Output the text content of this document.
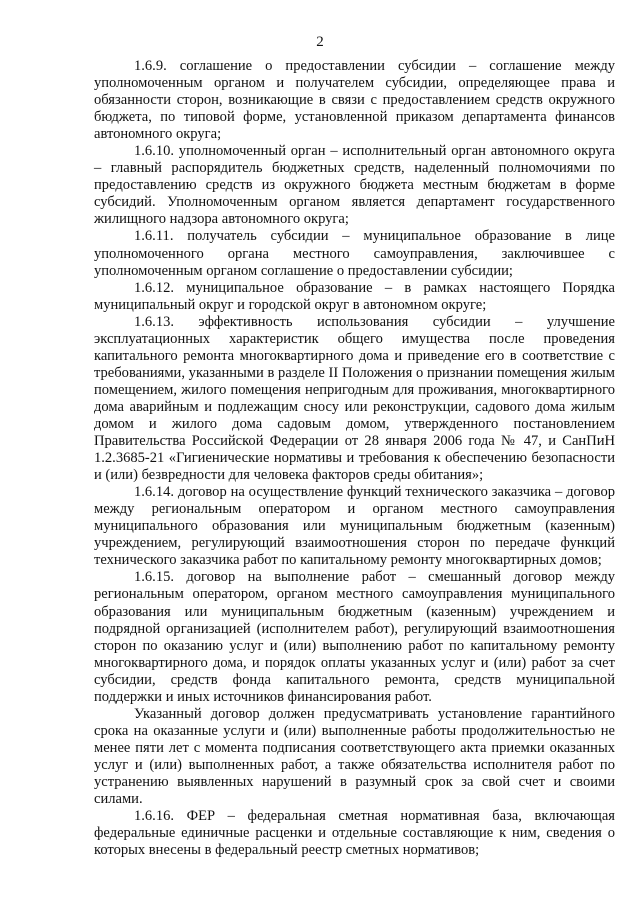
2

1.6.9. соглашение о предоставлении субсидии – соглашение между уполномоченным органом и получателем субсидии, определяющее права и обязанности сторон, возникающие в связи с предоставлением средств окружного бюджета, по типовой форме, установленной приказом департамента финансов автономного округа;

1.6.10. уполномоченный орган – исполнительный орган автономного округа – главный распорядитель бюджетных средств, наделенный полномочиями по предоставлению средств из окружного бюджета местным бюджетам в форме субсидий. Уполномоченным органом является департамент государственного жилищного надзора автономного округа;

1.6.11. получатель субсидии – муниципальное образование в лице уполномоченного органа местного самоуправления, заключившее с уполномоченным органом соглашение о предоставлении субсидии;

1.6.12. муниципальное образование – в рамках настоящего Порядка муниципальный округ и городской округ в автономном округе;

1.6.13. эффективность использования субсидии – улучшение эксплуатационных характеристик общего имущества после проведения капитального ремонта многоквартирного дома и приведение его в соответствие с требованиями, указанными в разделе II Положения о признании помещения жилым помещением, жилого помещения непригодным для проживания, многоквартирного дома аварийным и подлежащим сносу или реконструкции, садового дома жилым домом и жилого дома садовым домом, утвержденного постановлением Правительства Российской Федерации от 28 января 2006 года № 47, и СанПиН 1.2.3685-21 «Гигиенические нормативы и требования к обеспечению безопасности и (или) безвредности для человека факторов среды обитания»;

1.6.14. договор на осуществление функций технического заказчика – договор между региональным оператором и органом местного самоуправления муниципального образования или муниципальным бюджетным (казенным) учреждением, регулирующий взаимоотношения сторон по передаче функций технического заказчика работ по капитальному ремонту многоквартирных домов;

1.6.15. договор на выполнение работ – смешанный договор между региональным оператором, органом местного самоуправления муниципального образования или муниципальным бюджетным (казенным) учреждением и подрядной организацией (исполнителем работ), регулирующий взаимоотношения сторон по оказанию услуг и (или) выполнению работ по капитальному ремонту многоквартирного дома, и порядок оплаты указанных услуг и (или) работ за счет субсидии, средств фонда капитального ремонта, средств муниципальной поддержки и иных источников финансирования работ.

Указанный договор должен предусматривать установление гарантийного срока на оказанные услуги и (или) выполненные работы продолжительностью не менее пяти лет с момента подписания соответствующего акта приемки оказанных услуг и (или) выполненных работ, а также обязательства исполнителя работ по устранению выявленных нарушений в разумный срок за свой счет и своими силами.

1.6.16. ФЕР – федеральная сметная нормативная база, включающая федеральные единичные расценки и отдельные составляющие к ним, сведения о которых внесены в федеральный реестр сметных нормативов;
